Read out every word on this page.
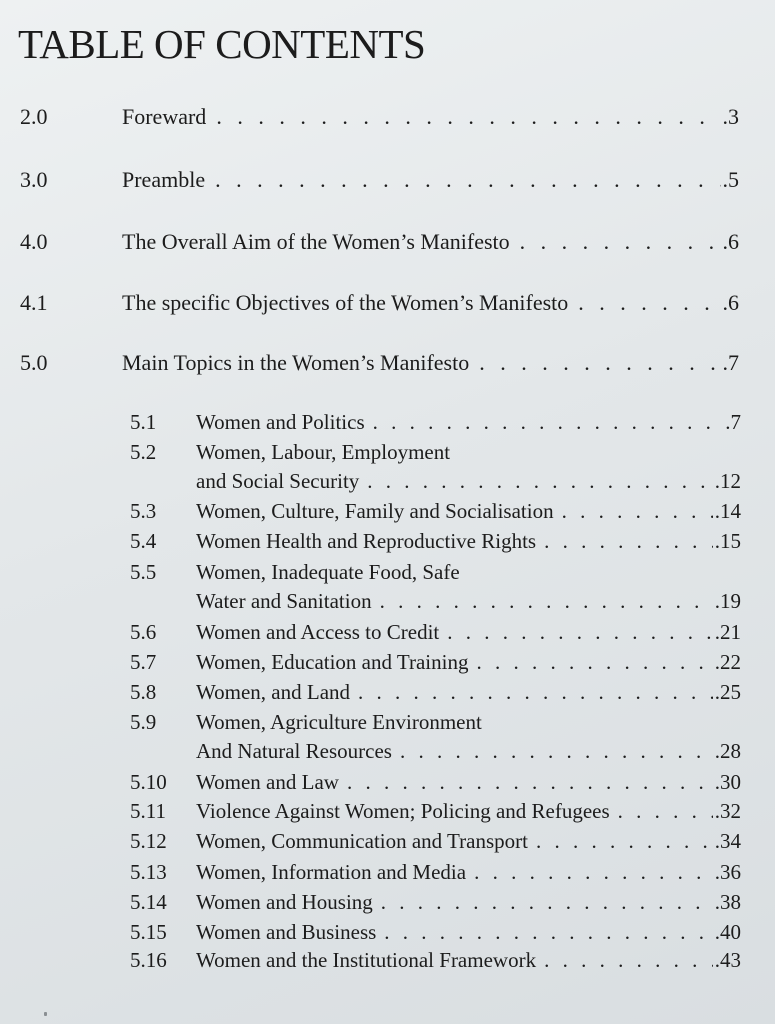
TABLE OF CONTENTS
2.0	Foreward . . .	.3
3.0	Preamble . . .	.5
4.0	The Overall Aim of the Women’s Manifesto . . .	.6
4.1	The specific Objectives of the Women’s Manifesto . . .	.6
5.0	Main Topics in the Women’s Manifesto . . .	.7
5.1 Women and Politics . . .	.7
5.2 Women, Labour, Employment
and Social Security . . .	.12
5.3 Women, Culture, Family and Socialisation . . .	.14
5.4 Women Health and Reproductive Rights . . .	.15
5.5 Women, Inadequate Food, Safe
Water and Sanitation . . .	.19
5.6 Women and Access to Credit . . .	.21
5.7 Women, Education and Training . . .	.22
5.8 Women, and Land . . .	.25
5.9 Women, Agriculture Environment
And Natural Resources . . .	.28
5.10 Women and Law . . .	.30
5.11 Violence Against Women; Policing and Refugees . . .	.32
5.12 Women, Communication and Transport . . .	.34
5.13 Women, Information and Media . . .	.36
5.14 Women and Housing . . .	.38
5.15 Women and Business . . .	.40
5.16 Women and the Institutional Framework . . .	.43
